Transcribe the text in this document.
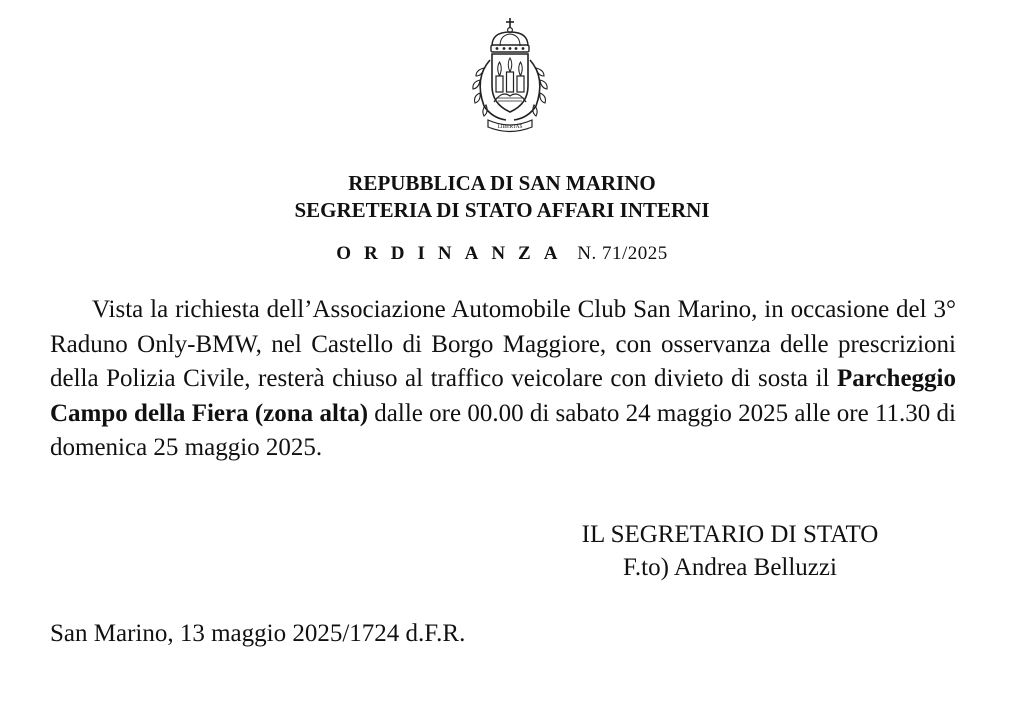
LIBERTAS
REPUBBLICA DI SAN MARINO
SEGRETERIA DI STATO AFFARI INTERNI
ORDINANZA N. 71/2025

Vista la richiesta dell’Associazione Automobile Club San Marino, in occasione del 3° Raduno Only-BMW, nel Castello di Borgo Maggiore, con osservanza delle prescrizioni della Polizia Civile, resterà chiuso al traffico veicolare con divieto di sosta il Parcheggio Campo della Fiera (zona alta) dalle ore 00.00 di sabato 24 maggio 2025 alle ore 11.30 di domenica 25 maggio 2025.

IL SEGRETARIO DI STATO
F.to) Andrea Belluzzi
San Marino, 13 maggio 2025/1724 d.F.R.
